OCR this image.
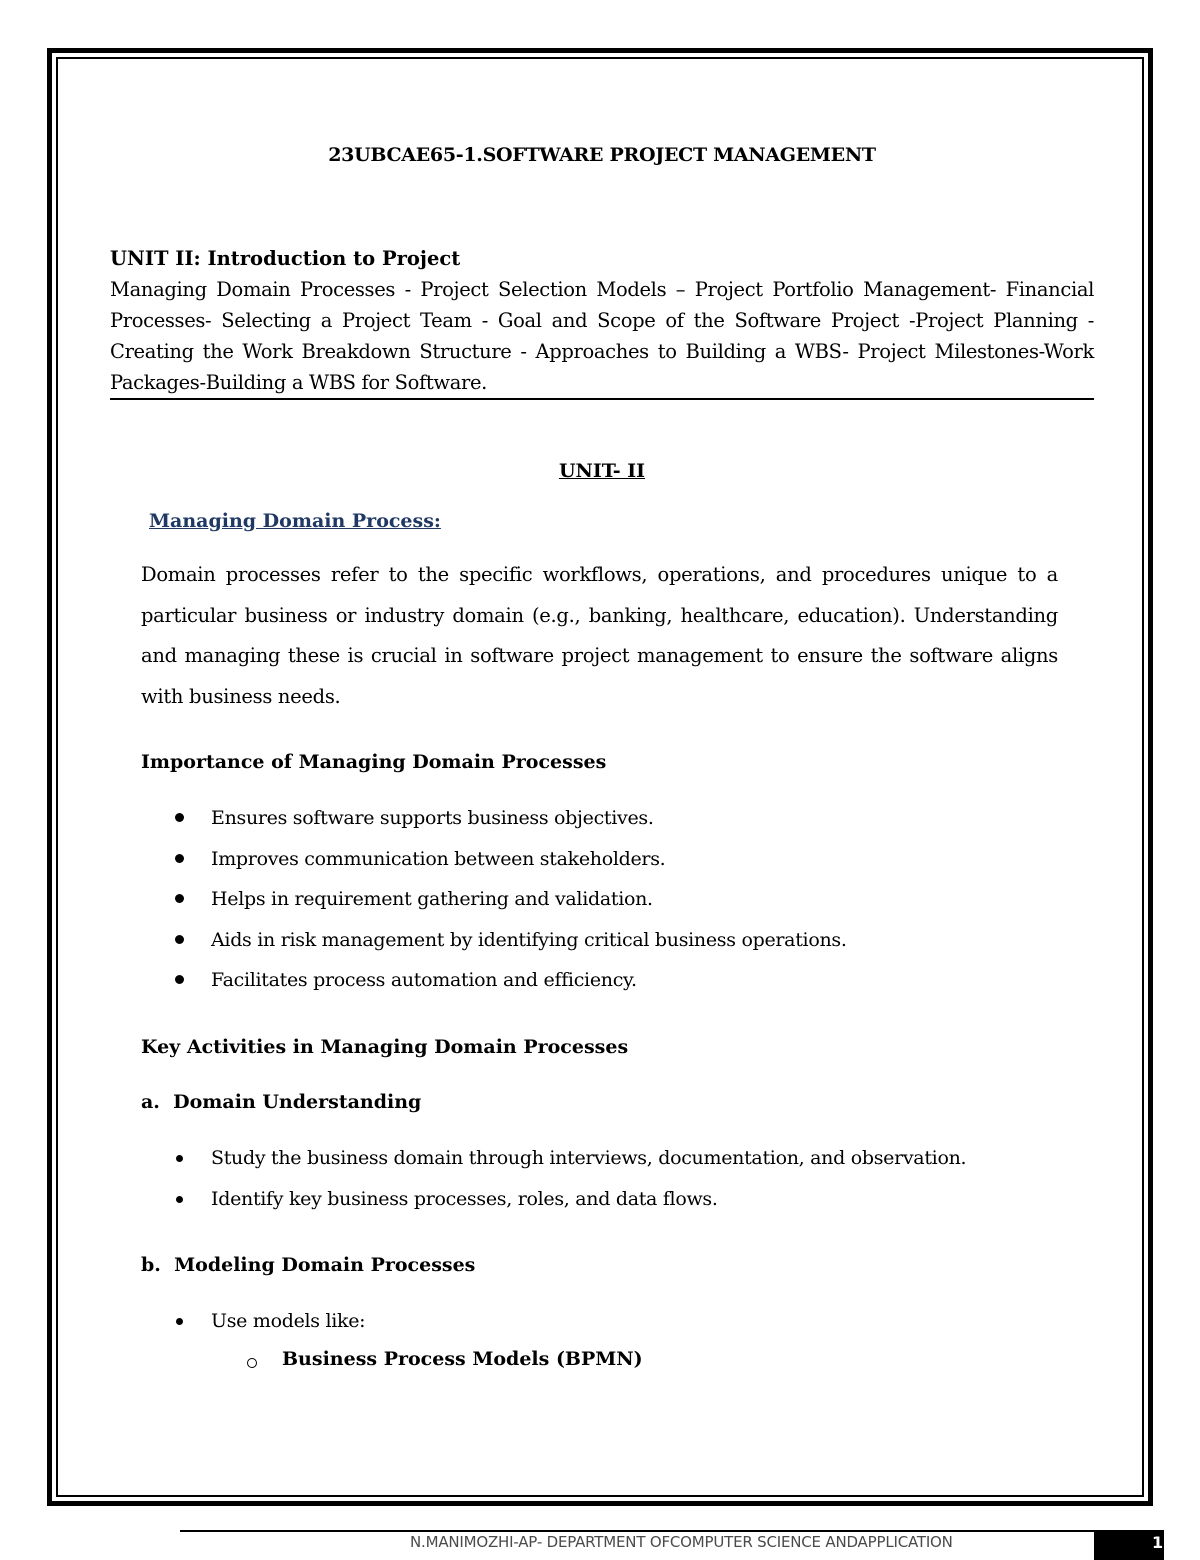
23UBCAE65-1.SOFTWARE PROJECT MANAGEMENT
UNIT II: Introduction to Project
Managing Domain Processes - Project Selection Models – Project Portfolio Management- Financial Processes- Selecting a Project Team - Goal and Scope of the Software Project -Project Planning -Creating the Work Breakdown Structure - Approaches to Building a WBS- Project Milestones-Work Packages-Building a WBS for Software.
UNIT- II
Managing Domain Process:
Domain processes refer to the specific workflows, operations, and procedures unique to a particular business or industry domain (e.g., banking, healthcare, education). Understanding and managing these is crucial in software project management to ensure the software aligns with business needs.
Importance of Managing Domain Processes
Ensures software supports business objectives.
Improves communication between stakeholders.
Helps in requirement gathering and validation.
Aids in risk management by identifying critical business operations.
Facilitates process automation and efficiency.
Key Activities in Managing Domain Processes
a.  Domain Understanding
Study the business domain through interviews, documentation, and observation.
Identify key business processes, roles, and data flows.
b.  Modeling Domain Processes
Use models like:
Business Process Models (BPMN)
N.MANIMOZHI-AP- DEPARTMENT OFCOMPUTER SCIENCE ANDAPPLICATION	1
